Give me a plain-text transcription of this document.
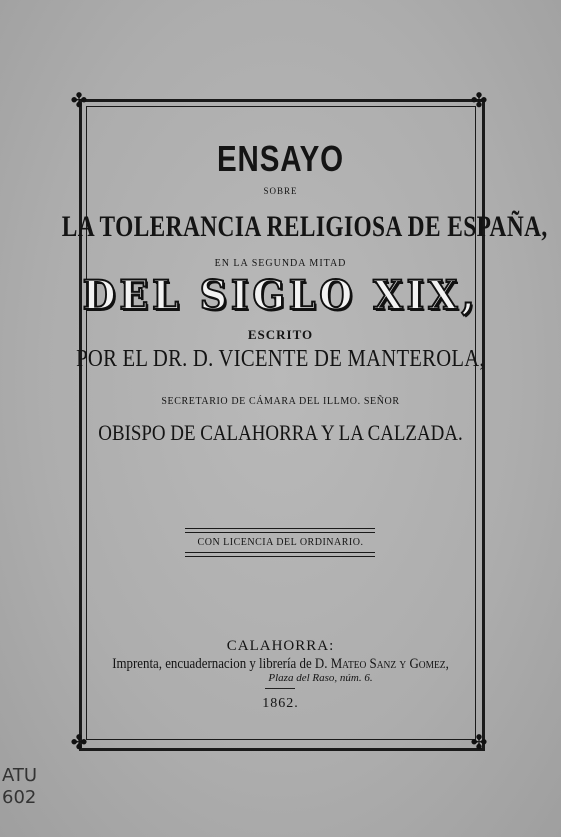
✤	✤
✤	✤
ENSAYO
SOBRE
LA TOLERANCIA RELIGIOSA DE ESPAÑA,
EN LA SEGUNDA MITAD
DEL SIGLO XIX,
ESCRITO
POR EL DR. D. VICENTE DE MANTEROLA,
SECRETARIO DE CÁMARA DEL ILLMO. SEÑOR
OBISPO DE CALAHORRA Y LA CALZADA.
CON LICENCIA DEL ORDINARIO.
CALAHORRA:
Imprenta, encuadernacion y librería de D. Mateo Sanz y Gomez,
Plaza del Raso, núm. 6.
1862.
ATU
602
